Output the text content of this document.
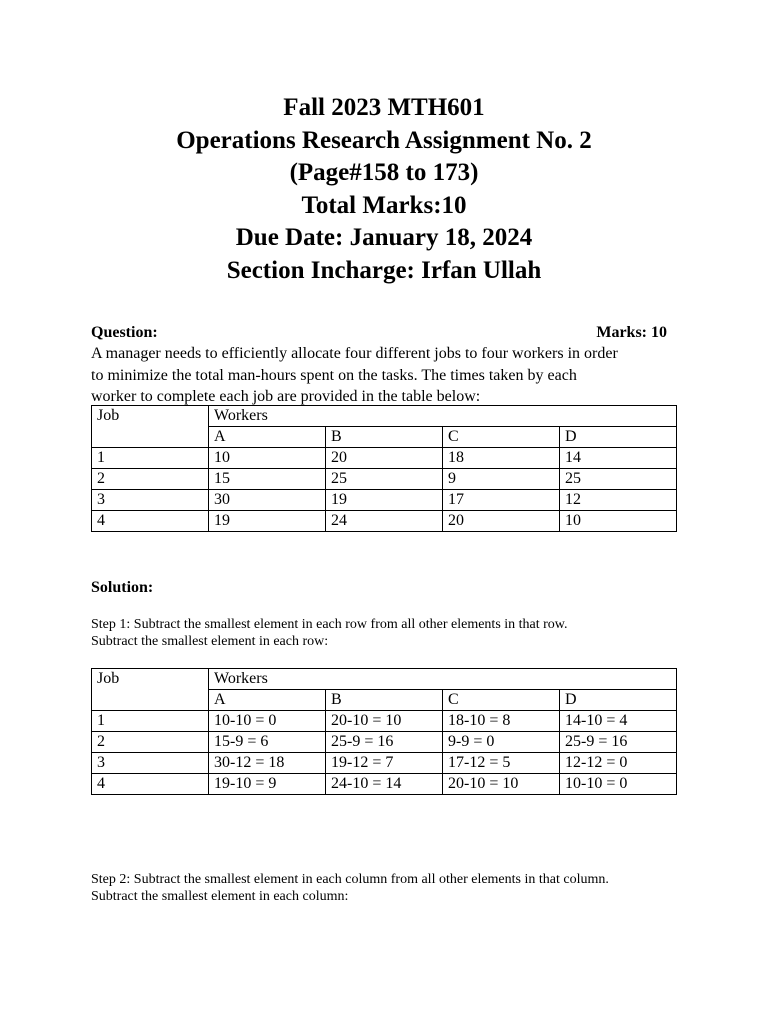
Fall 2023 MTH601
Operations Research Assignment No. 2
(Page#158 to 173)
Total Marks:10
Due Date: January 18, 2024
Section Incharge: Irfan Ullah
Question:	Marks: 10
A manager needs to efficiently allocate four different jobs to four workers in order
to minimize the total man-hours spent on the tasks. The times taken by each
worker to complete each job are provided in the table below:
Job	Workers			
	A	B	C	D
1	10	20	18	14
2	15	25	9	25
3	30	19	17	12
4	19	24	20	10
Solution:
Step 1: Subtract the smallest element in each row from all other elements in that row.
Subtract the smallest element in each row:
Job	Workers			
	A	B	C	D
1	10-10 = 0	20-10 = 10	18-10 = 8	14-10 = 4
2	15-9 = 6	25-9 = 16	9-9 = 0	25-9 = 16
3	30-12 = 18	19-12 = 7	17-12 = 5	12-12 = 0
4	19-10 = 9	24-10 = 14	20-10 = 10	10-10 = 0
Step 2: Subtract the smallest element in each column from all other elements in that column.
Subtract the smallest element in each column:
